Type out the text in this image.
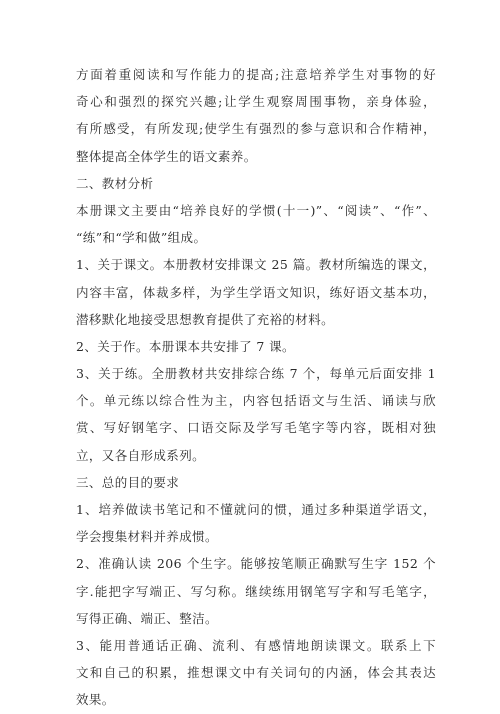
方面着重阅读和写作能力的提高;注意培养学生对事物的好
奇心和强烈的探究兴趣;让学生观察周围事物，亲身体验，
有所感受，有所发现;使学生有强烈的参与意识和合作精神，
整体提高全体学生的语文素养。
二、教材分析
本册课文主要由“培养良好的学惯(十一)”、“阅读”、“作”、
“练”和“学和做”组成。
1、关于课文。本册教材安排课文 25 篇。教材所编选的课文，
内容丰富，体裁多样，为学生学语文知识，练好语文基本功，
潜移默化地接受思想教育提供了充裕的材料。
2、关于作。本册课本共安排了 7 课。
3、关于练。全册教材共安排综合练 7 个，每单元后面安排 1
个。单元练以综合性为主，内容包括语文与生活、诵读与欣
赏、写好钢笔字、口语交际及学写毛笔字等内容，既相对独
立，又各自形成系列。
三、总的目的要求
1、培养做读书笔记和不懂就问的惯，通过多种渠道学语文，
学会搜集材料并养成惯。
2、准确认读 206 个生字。能够按笔顺正确默写生字 152 个
字.能把字写端正、写匀称。继续练用钢笔写字和写毛笔字，
写得正确、端正、整洁。
3、能用普通话正确、流利、有感情地朗读课文。联系上下
文和自己的积累，推想课文中有关词句的内涵，体会其表达
效果。
